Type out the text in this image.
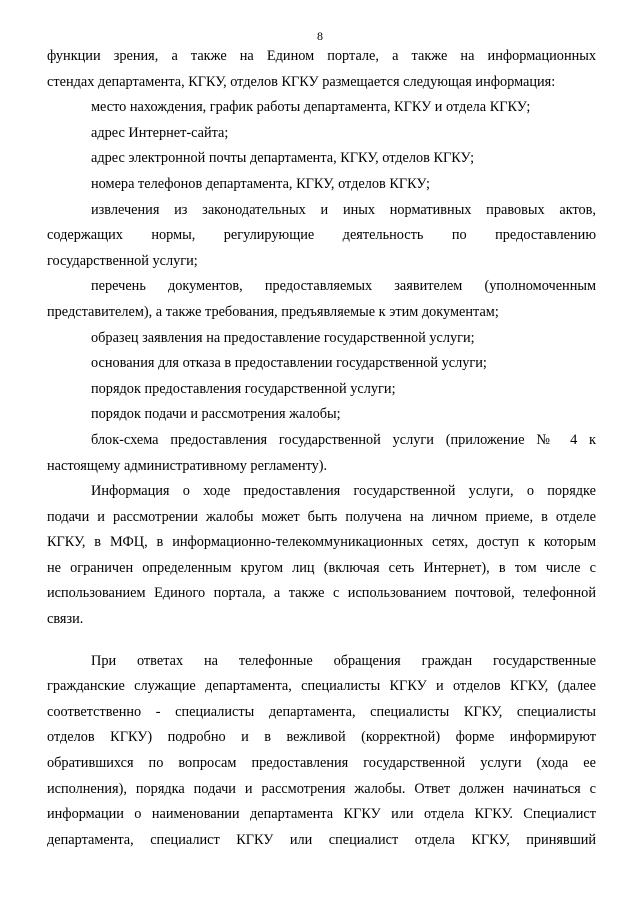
8

функции зрения, а также на Едином портале, а также на информационных
стендах департамента, КГКУ, отделов КГКУ размещается следующая информация:

место нахождения, график работы департамента, КГКУ и отдела КГКУ;

адрес Интернет-сайта;

адрес электронной почты департамента, КГКУ, отделов КГКУ;

номера телефонов департамента, КГКУ, отделов КГКУ;

извлечения из законодательных и иных нормативных правовых актов,
содержащих нормы, регулирующие деятельность по предоставлению
государственной услуги;

перечень документов, предоставляемых заявителем (уполномоченным
представителем), а также требования, предъявляемые к этим документам;

образец заявления на предоставление государственной услуги;

основания для отказа в предоставлении государственной услуги;

порядок предоставления государственной услуги;

порядок подачи и рассмотрения жалобы;

блок-схема предоставления государственной услуги (приложение № 4 к
настоящему административному регламенту).

Информация о ходе предоставления государственной услуги, о порядке
подачи и рассмотрении жалобы может быть получена на личном приеме, в отделе
КГКУ, в МФЦ, в информационно-телекоммуникационных сетях, доступ к которым
не ограничен определенным кругом лиц (включая сеть Интернет), в том числе с
использованием Единого портала, а также с использованием почтовой, телефонной
связи.

При ответах на телефонные обращения граждан государственные
гражданские служащие департамента, специалисты КГКУ и отделов КГКУ, (далее
соответственно - специалисты департамента, специалисты КГКУ, специалисты
отделов КГКУ) подробно и в вежливой (корректной) форме информируют
обратившихся по вопросам предоставления государственной услуги (хода ее
исполнения), порядка подачи и рассмотрения жалобы. Ответ должен начинаться с
информации о наименовании департамента КГКУ или отдела КГКУ. Специалист
департамента, специалист КГКУ или специалист отдела КГКУ, принявший
